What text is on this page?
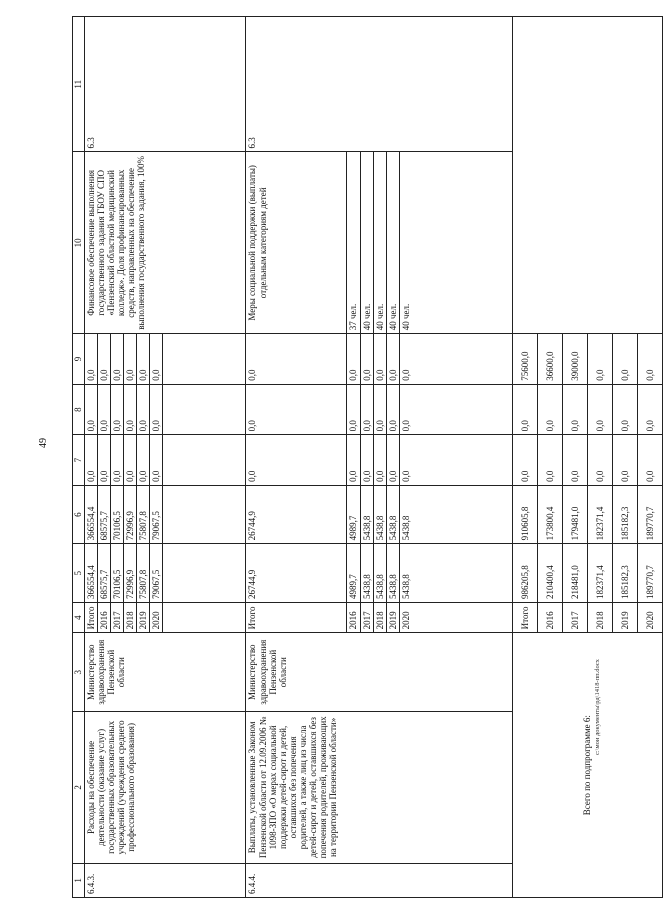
49
1	2	3	4	5	6	7	8	9	10	11
6.4.3.	Расходы на обеспечение деятельности (оказание услуг) государственных образовательных учреждений (учреждения среднего профессионального образования)	Министерство здравоохранения Пензенской области	Итого	366554,4	366554,4	0,0	0,0	0,0	Финансовое обеспечение выполнения государственного задания ГБОУ СПО «Пензенский областной медицинский колледж». Доля профинансированных средств, направленных на обеспечение выполнения государственного задания, 100%	6.3
			2016	68575,7	68575,7	0,0	0,0	0,0		
			2017	70106,5	70106,5	0,0	0,0	0,0		
			2018	72996,9	72996,9	0,0	0,0	0,0		
			2019	75807,8	75807,8	0,0	0,0	0,0		
			2020	79067,5	79067,5	0,0	0,0	0,0		

6.4.4.	Выплаты, установленные Законом Пензенской области от 12.09.2006 № 1098-ЗПО «О мерах социальной поддержки детей-сирот и детей, оставшихся без попечения родителей, а также лиц из числа детей-сирот и детей, оставшихся без попечения родителей, проживающих на территории Пензенской области»	Министерство здравоохранения Пензенской области	Итого	26744,9	26744,9	0,0	0,0	0,0	Меры социальной поддержки (выплаты) отдельным категориям детей	6.3
			2016	4989,7	4989,7	0,0	0,0	0,0	37 чел.	
			2017	5438,8	5438,8	0,0	0,0	0,0	40 чел.	
			2018	5438,8	5438,8	0,0	0,0	0,0	40 чел.	
			2019	5438,8	5438,8	0,0	0,0	0,0	40 чел.	
			2020	5438,8	5438,8	0,0	0,0	0,0	40 чел.	
Всего по подпрограмме 6:			Итого	986205,8	910605,8	0,0	0,0	75600,0		
			2016	210400,4	173800,4	0,0	0,0	36600,0		
			2017	218481,0	179481,0	0,0	0,0	39000,0		
			2018	182371,4	182371,4	0,0	0,0	0,0		
			2019	185182,3	185182,3	0,0	0,0	0,0		
			2020	189770,7	189770,7	0,0	0,0	0,0		
c:\мои документы\рд\1418-пп.docx
